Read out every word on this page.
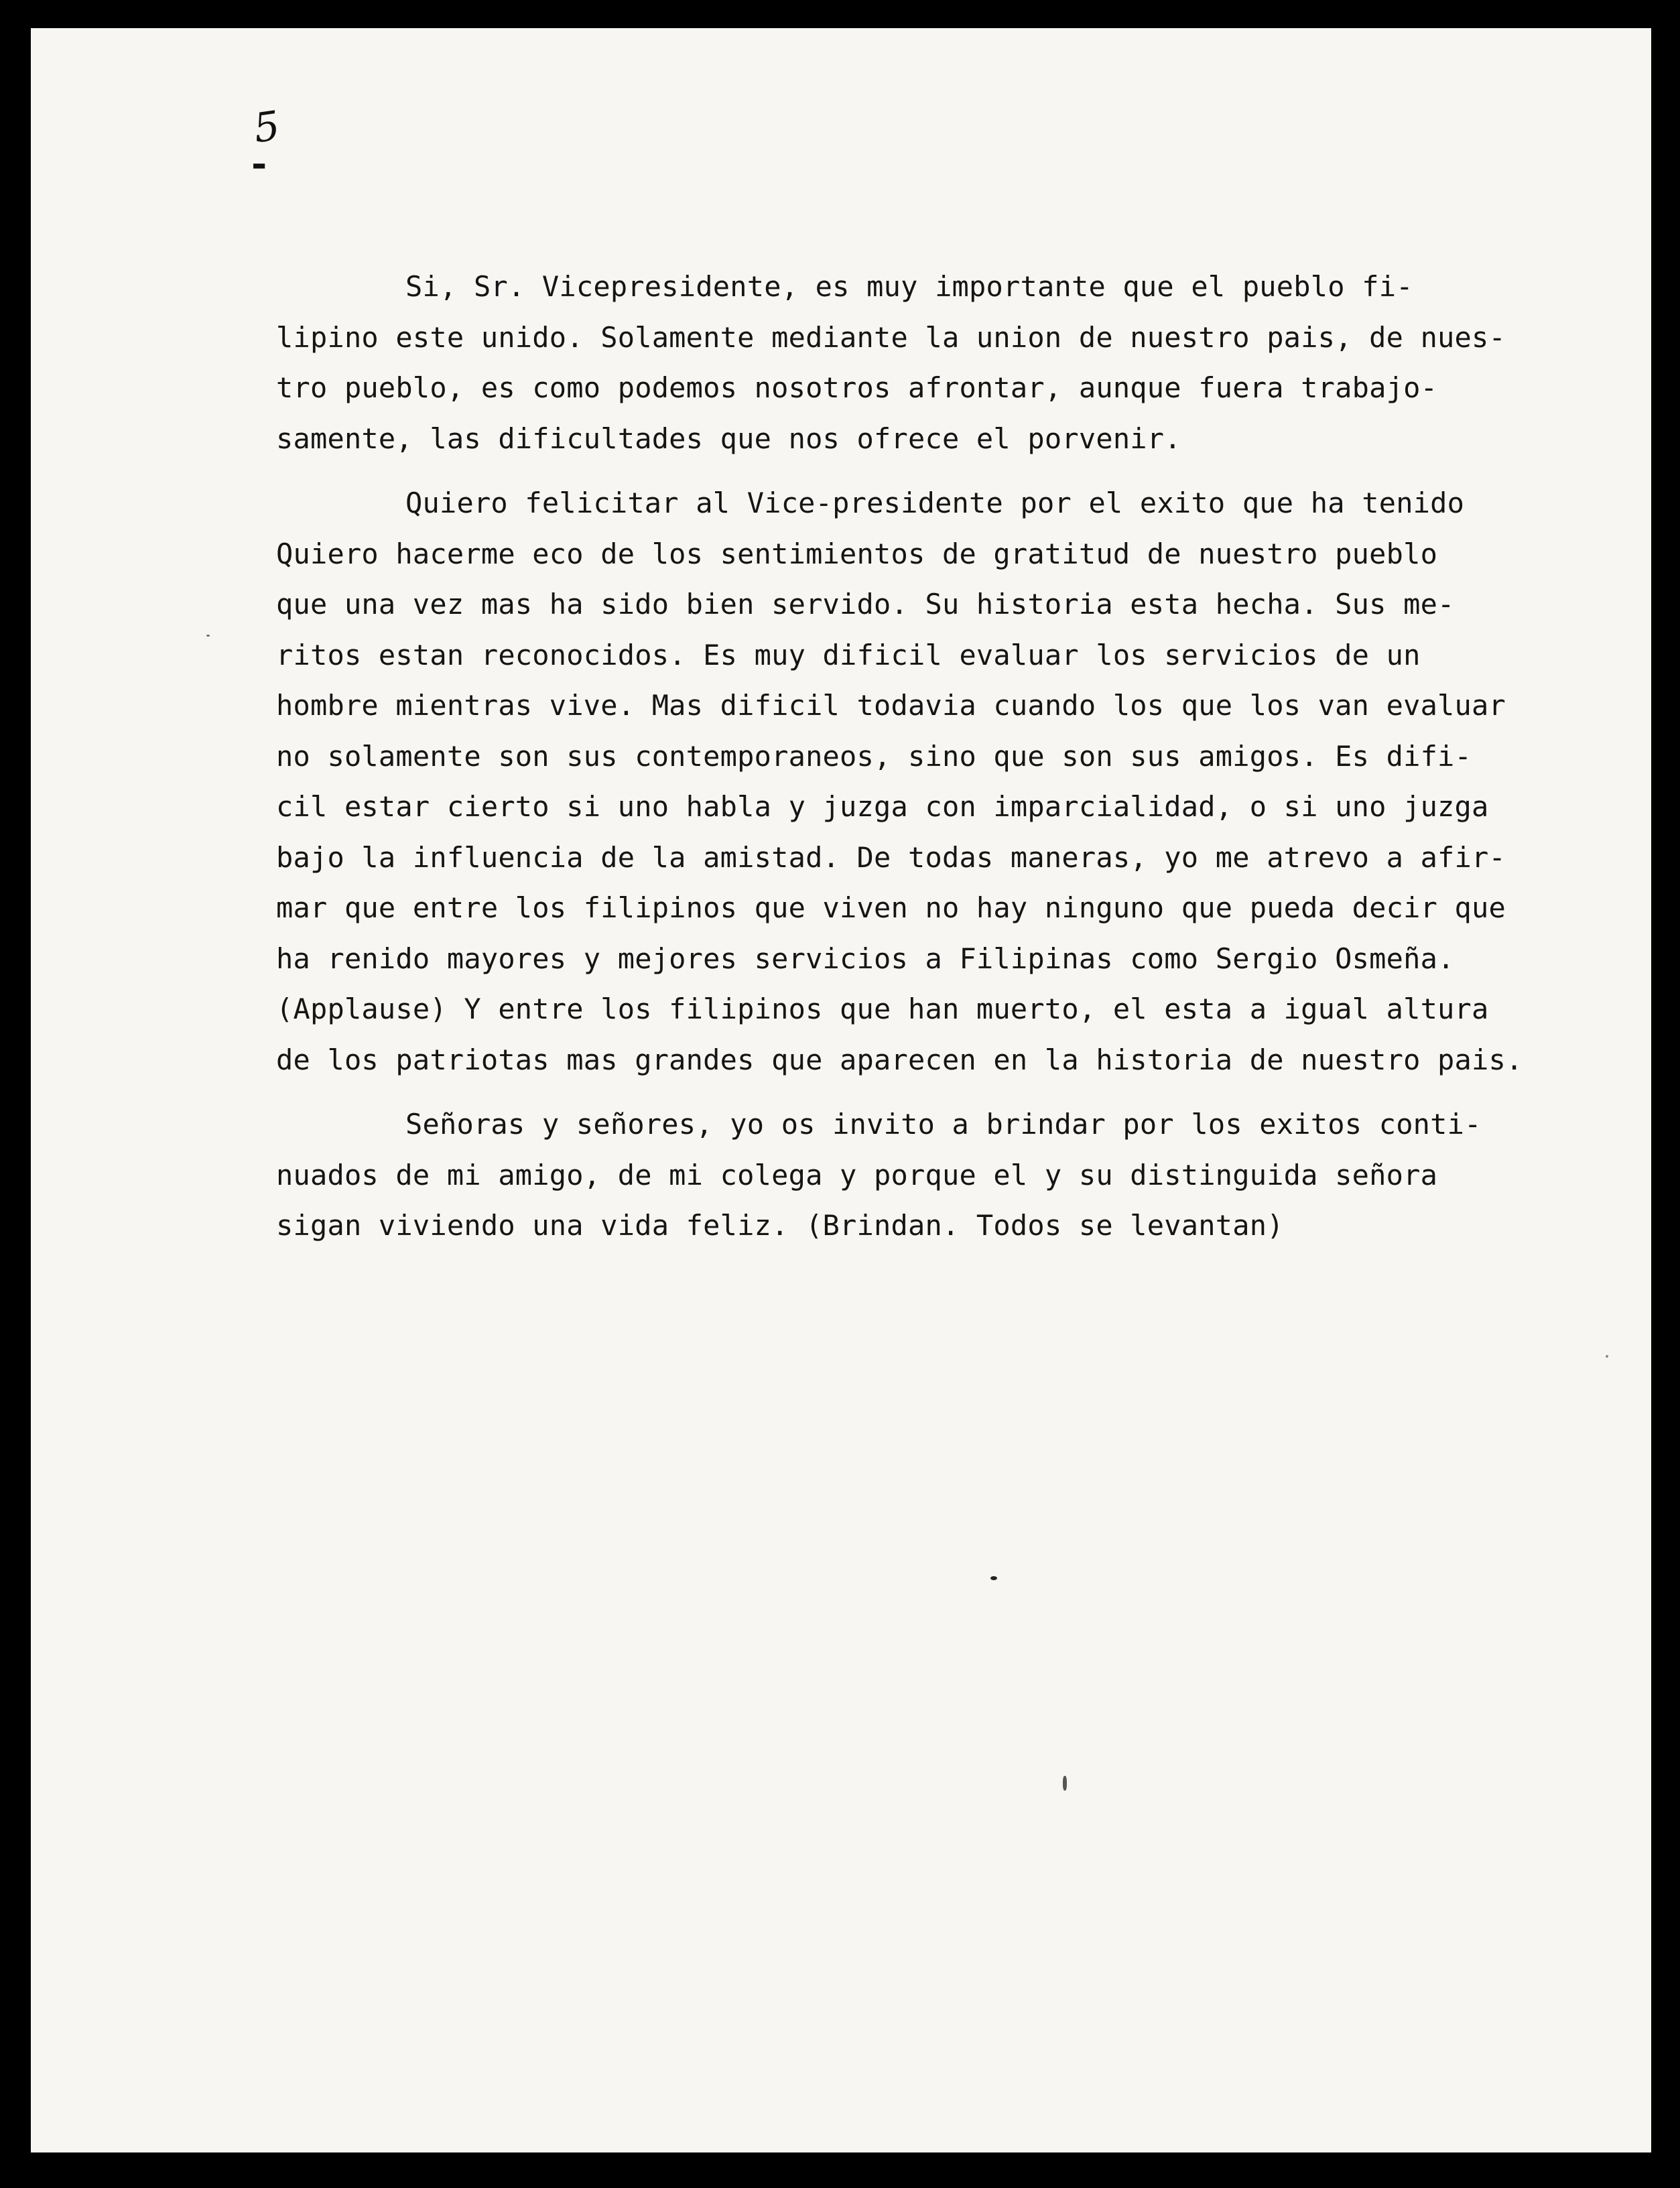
5
-

Si, Sr. Vicepresidente, es muy importante que el pueblo fi-
lipino este unido. Solamente mediante la union de nuestro pais, de nues-
tro pueblo, es como podemos nosotros afrontar, aunque fuera trabajo-
samente, las dificultades que nos ofrece el porvenir.

Quiero felicitar al Vice-presidente por el exito que ha tenido
Quiero hacerme eco de los sentimientos de gratitud de nuestro pueblo
que una vez mas ha sido bien servido. Su historia esta hecha. Sus me-
ritos estan reconocidos. Es muy dificil evaluar los servicios de un
hombre mientras vive. Mas dificil todavia cuando los que los van evaluar
no solamente son sus contemporaneos, sino que son sus amigos. Es difi-
cil estar cierto si uno habla y juzga con imparcialidad, o si uno juzga
bajo la influencia de la amistad. De todas maneras, yo me atrevo a afir-
mar que entre los filipinos que viven no hay ninguno que pueda decir que
ha renido mayores y mejores servicios a Filipinas como Sergio Osmeña.
(Applause) Y entre los filipinos que han muerto, el esta a igual altura
de los patriotas mas grandes que aparecen en la historia de nuestro pais.

Señoras y señores, yo os invito a brindar por los exitos conti-
nuados de mi amigo, de mi colega y porque el y su distinguida señora
sigan viviendo una vida feliz. (Brindan. Todos se levantan)
